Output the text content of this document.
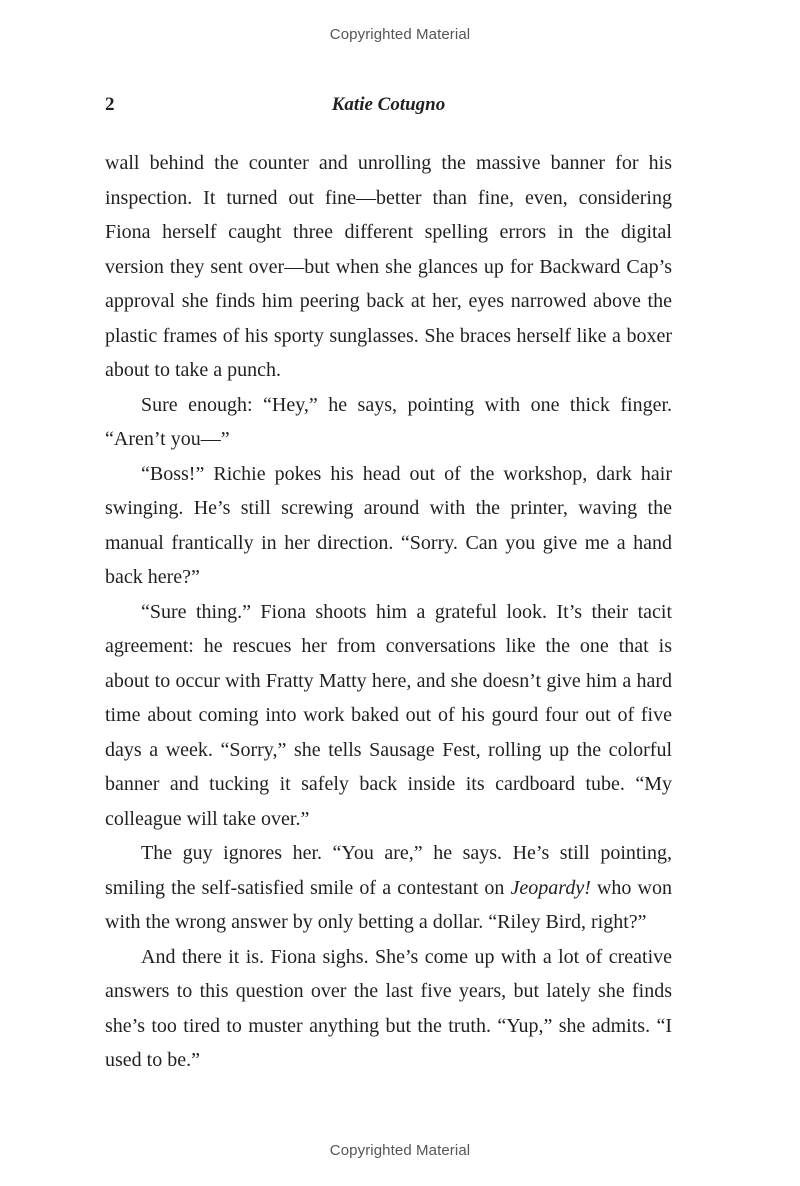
Copyrighted Material
2	Katie Cotugno

wall behind the counter and unrolling the massive banner for his inspection. It turned out fine—better than fine, even, considering Fiona herself caught three different spelling errors in the digital version they sent over—but when she glances up for Backward Cap’s approval she finds him peering back at her, eyes narrowed above the plastic frames of his sporty sunglasses. She braces herself like a boxer about to take a punch.

Sure enough: “Hey,” he says, pointing with one thick finger. “Aren’t you—”

“Boss!” Richie pokes his head out of the workshop, dark hair swinging. He’s still screwing around with the printer, waving the manual frantically in her direction. “Sorry. Can you give me a hand back here?”

“Sure thing.” Fiona shoots him a grateful look. It’s their tacit agreement: he rescues her from conversations like the one that is about to occur with Fratty Matty here, and she doesn’t give him a hard time about coming into work baked out of his gourd four out of five days a week. “Sorry,” she tells Sausage Fest, rolling up the colorful banner and tucking it safely back inside its cardboard tube. “My colleague will take over.”

The guy ignores her. “You are,” he says. He’s still pointing, smiling the self-satisfied smile of a contestant on Jeopardy! who won with the wrong answer by only betting a dollar. “Riley Bird, right?”

And there it is. Fiona sighs. She’s come up with a lot of creative answers to this question over the last five years, but lately she finds she’s too tired to muster anything but the truth. “Yup,” she admits. “I used to be.”

Copyrighted Material
